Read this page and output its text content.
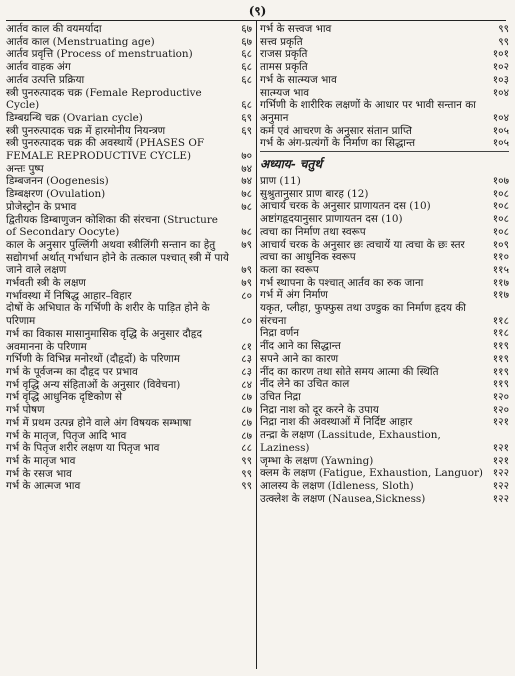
(९)
आर्तव काल की वयमर्यादा	६७
आर्तव काल (Menstruating age)	६७
आर्तव प्रवृत्ति (Process of menstruation)	६८
आर्तव वाहक अंग	६८
आर्तव उत्पत्ति प्रक्रिया	६८
स्त्री पुनरुत्पादक चक्र (Female Reproductive Cycle)	६८
डिम्बग्रन्थि चक्र (Ovarian cycle)	६९
स्त्री पुनरुत्पादक चक्र में हारमोनीय नियन्त्रण	६९
स्त्री पुनरुत्पादक चक्र की अवस्थायें (PHASES OF FEMALE REPRODUCTIVE CYCLE)	७०
अन्तः पुष्प	७४
डिम्बजनन (Oogenesis)	७४
डिम्बक्षरण (Ovulation)	७८
प्रोजेस्ट्रोन के प्रभाव	७८
द्वितीयक डिम्बाणुजन कोशिका की संरचना (Structure of Secondary Oocyte)	७८
काल के अनुसार पुल्लिंगी अथवा स्त्रीलिंगी सन्तान का हेतु	७९
सद्योगर्भा अर्थात् गर्भाधान होने के तत्काल पश्चात् स्त्री में पाये जाने वाले लक्षण	७९
गर्भवती स्त्री के लक्षण	७९
गर्भावस्था में निषिद्ध आहार–विहार	८०
दोषों के अभिघात के गर्भिणी के शरीर के पाड़ित होने के परिणाम	८०
गर्भ का विकास मासानुमासिक वृद्धि के अनुसार दौहृद अवमानना के परिणाम	८१
गर्भिणी के विभिन्न मनोरथों (दौहृदों) के परिणाम	८३
गर्भ के पूर्वजन्म का दौहृद पर प्रभाव	८३
गर्भ वृद्धि अन्य संहिताओं के अनुसार (विवेचना)	८४
गर्भ वृद्धि आधुनिक दृष्टिकोण से	८७
गर्भ पोषण	८७
गर्भ में प्रथम उत्पन्न होने वाले अंग विषयक सम्भाषा	८७
गर्भ के मातृज, पितृज आदि भाव	८७
गर्भ के पितृज शरीर लक्षण या पितृज भाव	८८
गर्भ के मातृज भाव	९९
गर्भ के रसज भाव	९९
गर्भ के आत्मज भाव	९९
गर्भ के सत्त्वज भाव	९९
सत्त्व प्रकृति	९९
राजस प्रकृति	१०१
तामस प्रकृति	१०२
गर्भ के सात्म्यज भाव	१०३
सात्म्यज भाव	१०४
गर्भिणी के शारीरिक लक्षणों के आधार पर भावी सन्तान का अनुमान	१०४
कर्म एवं आचरण के अनुसार संतान प्राप्ति	१०५
गर्भ के अंग-प्रत्यंगों के निर्माण का सिद्धान्त	१०५
अध्याय- चतुर्थ
प्राण (11)	१०७
सुश्रुतानुसार प्राण बारह (12)	१०८
आचार्य चरक के अनुसार प्राणायतन दस (10)	१०८
अष्टांगहृदयानुसार प्राणायतन दस (10)	१०८
त्वचा का निर्माण तथा स्वरूप	१०८
आचार्य चरक के अनुसार छः त्वचायें या त्वचा के छः स्तर	१०९
त्वचा का आधुनिक स्वरूप	११०
कला का स्वरूप	११५
गर्भ स्थापना के पश्चात् आर्तव का रुक जाना	११७
गर्भ में अंग निर्माण	११७
यकृत, प्लीहा, फुफ्फुस तथा उण्डुक का निर्माण हृदय की संरचना	११८
निद्रा वर्णन	११८
नींद आने का सिद्धान्त	११९
सपने आने का कारण	११९
नींद का कारण तथा सोते समय आत्मा की स्थिति	११९
नींद लेने का उचित काल	११९
उचित निद्रा	१२०
निद्रा नाश को दूर करने के उपाय	१२०
निद्रा नाश की अवस्थाओं में निर्दिष्ट आहार	१२१
तन्द्रा के लक्षण (Lassitude, Exhaustion, Laziness)	१२१
जृम्भा के लक्षण (Yawning)	१२१
क्लम के लक्षण (Fatigue, Exhaustion, Languor) १२२
आलस्य के लक्षण (Idleness, Sloth)	१२२
उत्क्लेश के लक्षण (Nausea,Sickness)	१२२
